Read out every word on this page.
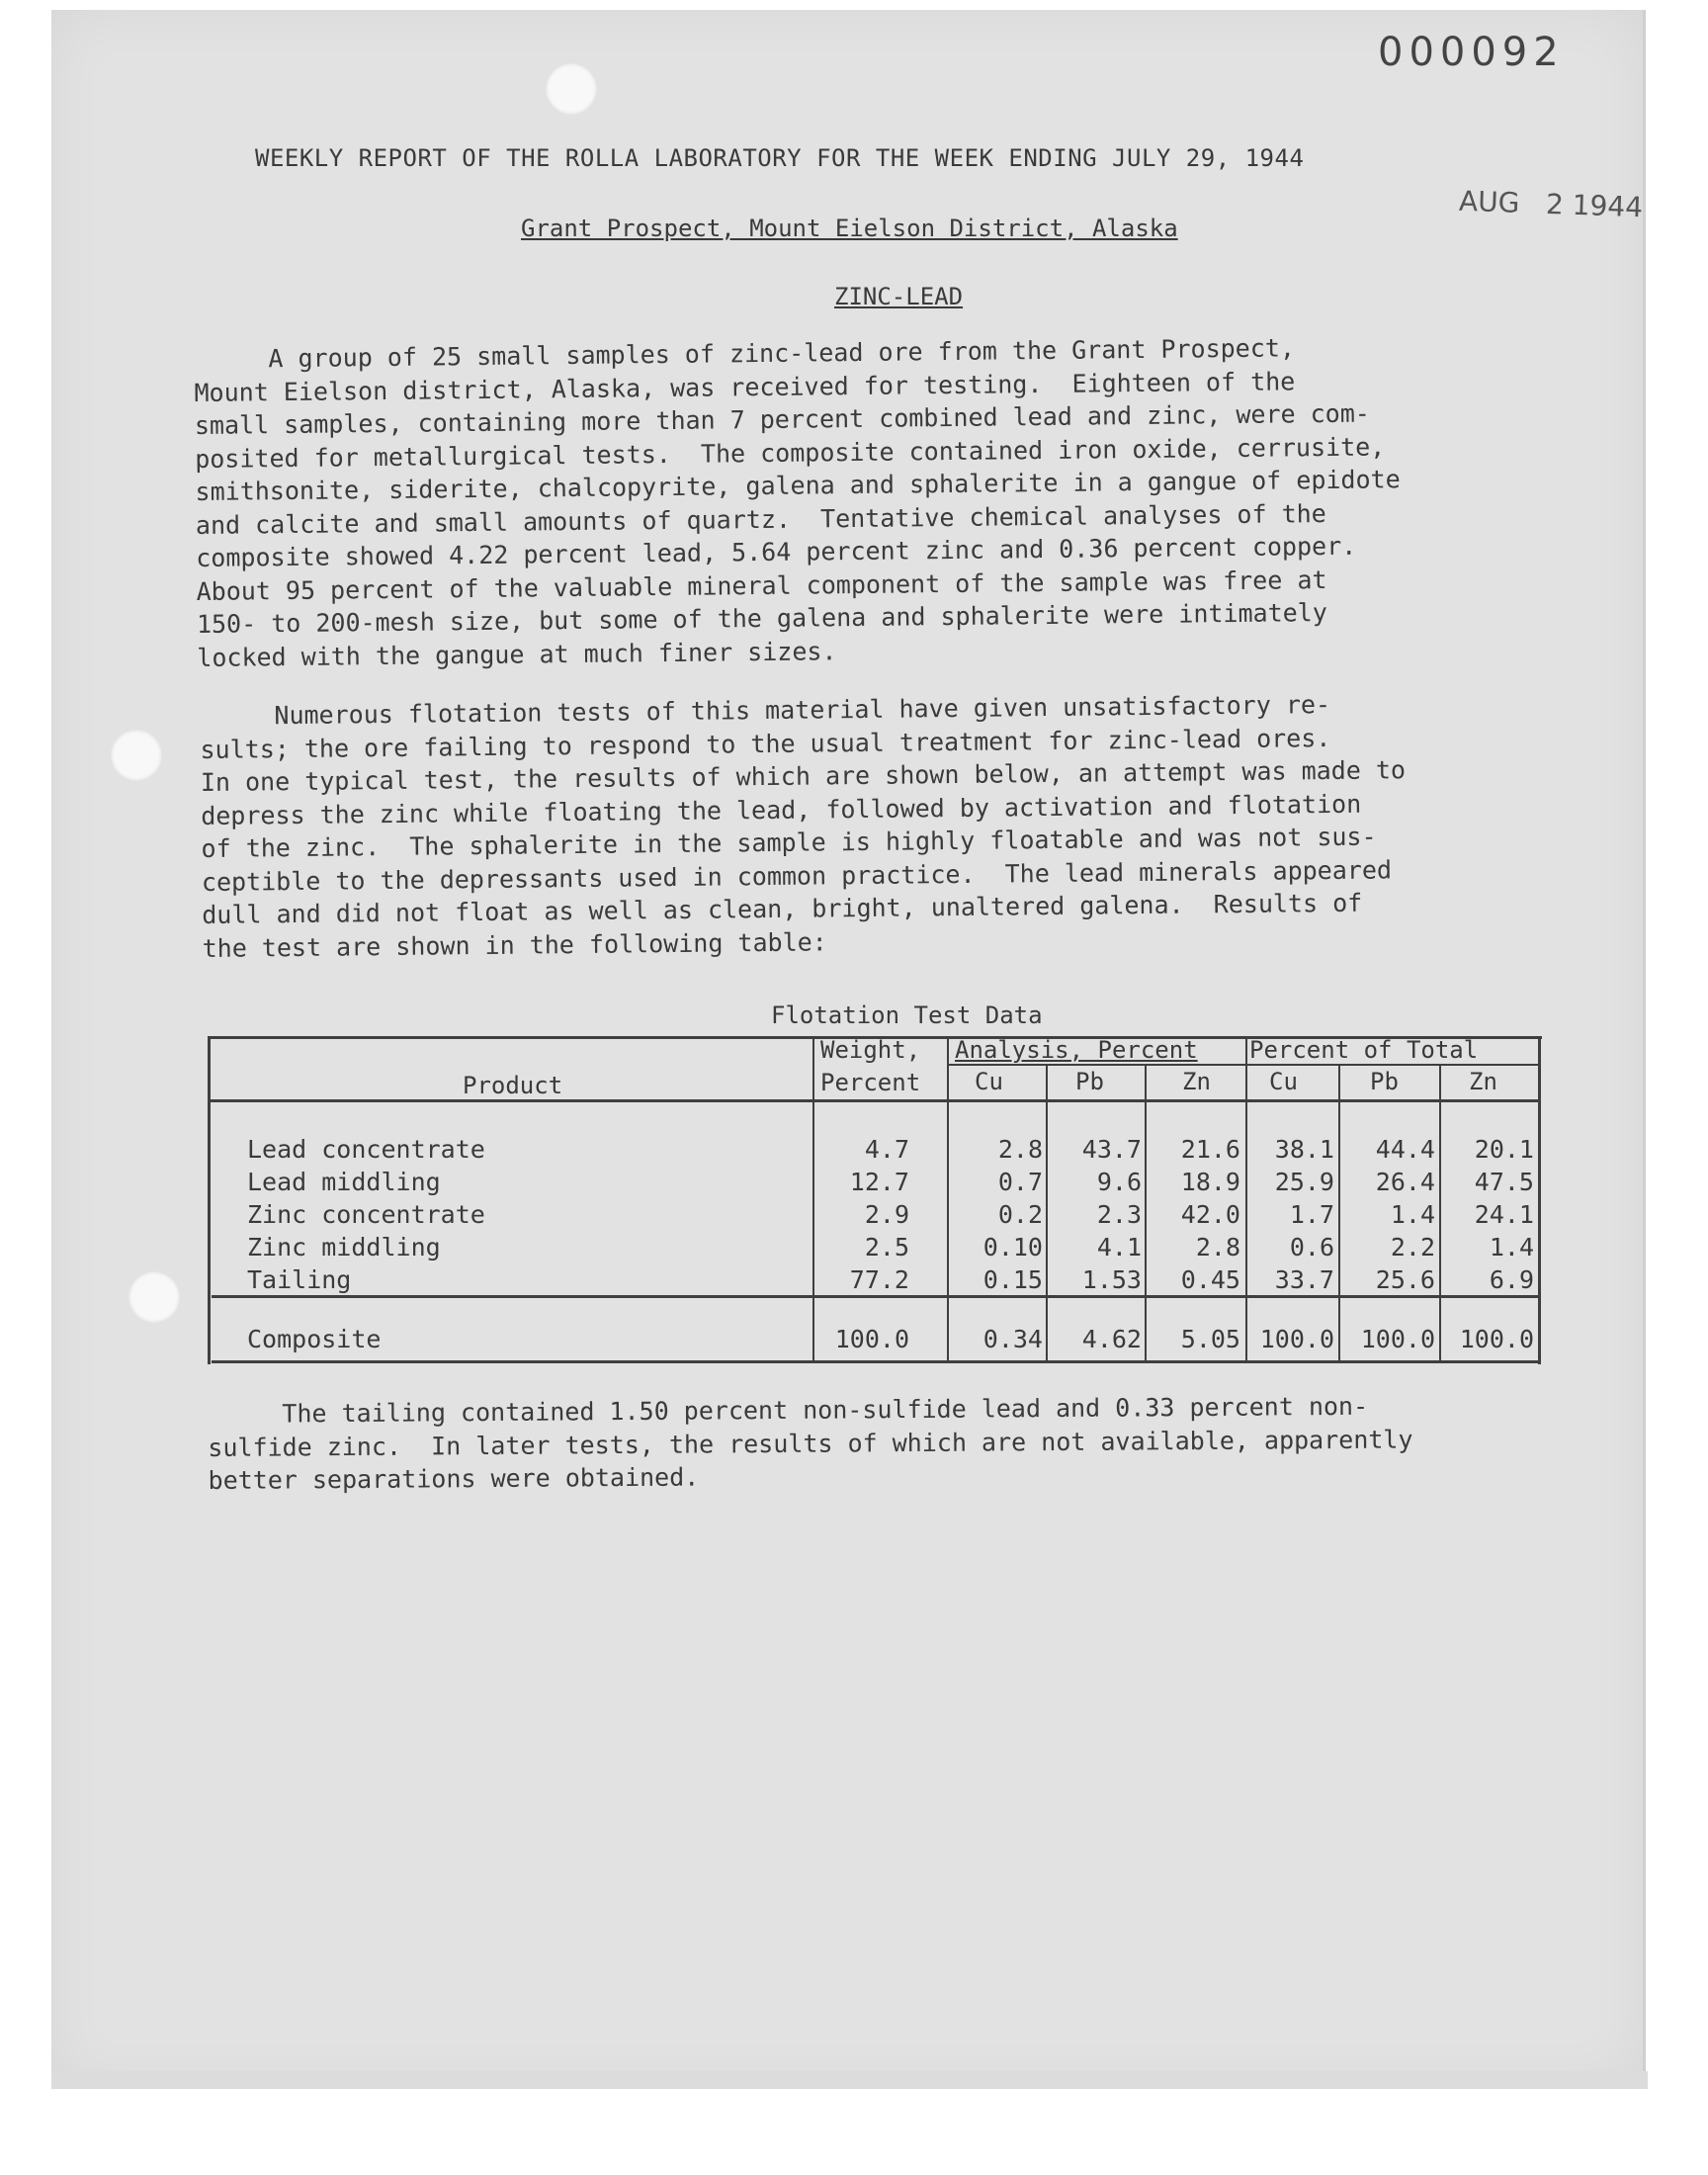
000092
AUG   2 1944
WEEKLY REPORT OF THE ROLLA LABORATORY FOR THE WEEK ENDING JULY 29, 1944
Grant Prospect, Mount Eielson District, Alaska
ZINC-LEAD
A group of 25 small samples of zinc-lead ore from the Grant Prospect,
Mount Eielson district, Alaska, was received for testing.  Eighteen of the
small samples, containing more than 7 percent combined lead and zinc, were com-
posited for metallurgical tests.  The composite contained iron oxide, cerrusite,
smithsonite, siderite, chalcopyrite, galena and sphalerite in a gangue of epidote
and calcite and small amounts of quartz.  Tentative chemical analyses of the
composite showed 4.22 percent lead, 5.64 percent zinc and 0.36 percent copper.
About 95 percent of the valuable mineral component of the sample was free at
150- to 200-mesh size, but some of the galena and sphalerite were intimately
locked with the gangue at much finer sizes.
Numerous flotation tests of this material have given unsatisfactory re-
sults; the ore failing to respond to the usual treatment for zinc-lead ores.
In one typical test, the results of which are shown below, an attempt was made to
depress the zinc while floating the lead, followed by activation and flotation
of the zinc.  The sphalerite in the sample is highly floatable and was not sus-
ceptible to the depressants used in common practice.  The lead minerals appeared
dull and did not float as well as clean, bright, unaltered galena.  Results of
the test are shown in the following table:
Flotation Test Data
Product
Weight,
Percent
Analysis, Percent Percent of Total
Cu	Pb	Zn Cu	Pb	Zn
Lead concentrate	4.7	2.8	43.7	21.6	38.1	44.4	20.1
Lead middling	12.7	0.7	9.6	18.9	25.9	26.4	47.5
Zinc concentrate	2.9	0.2	2.3	42.0	1.7	1.4	24.1
Zinc middling	2.5	0.10	4.1	2.8	0.6	2.2	1.4
Tailing	77.2	0.15	1.53	0.45	33.7	25.6	6.9
Composite	100.0	0.34	4.62	5.05 100.0	100.0 100.0
The tailing contained 1.50 percent non-sulfide lead and 0.33 percent non-
sulfide zinc.  In later tests, the results of which are not available, apparently
better separations were obtained.
